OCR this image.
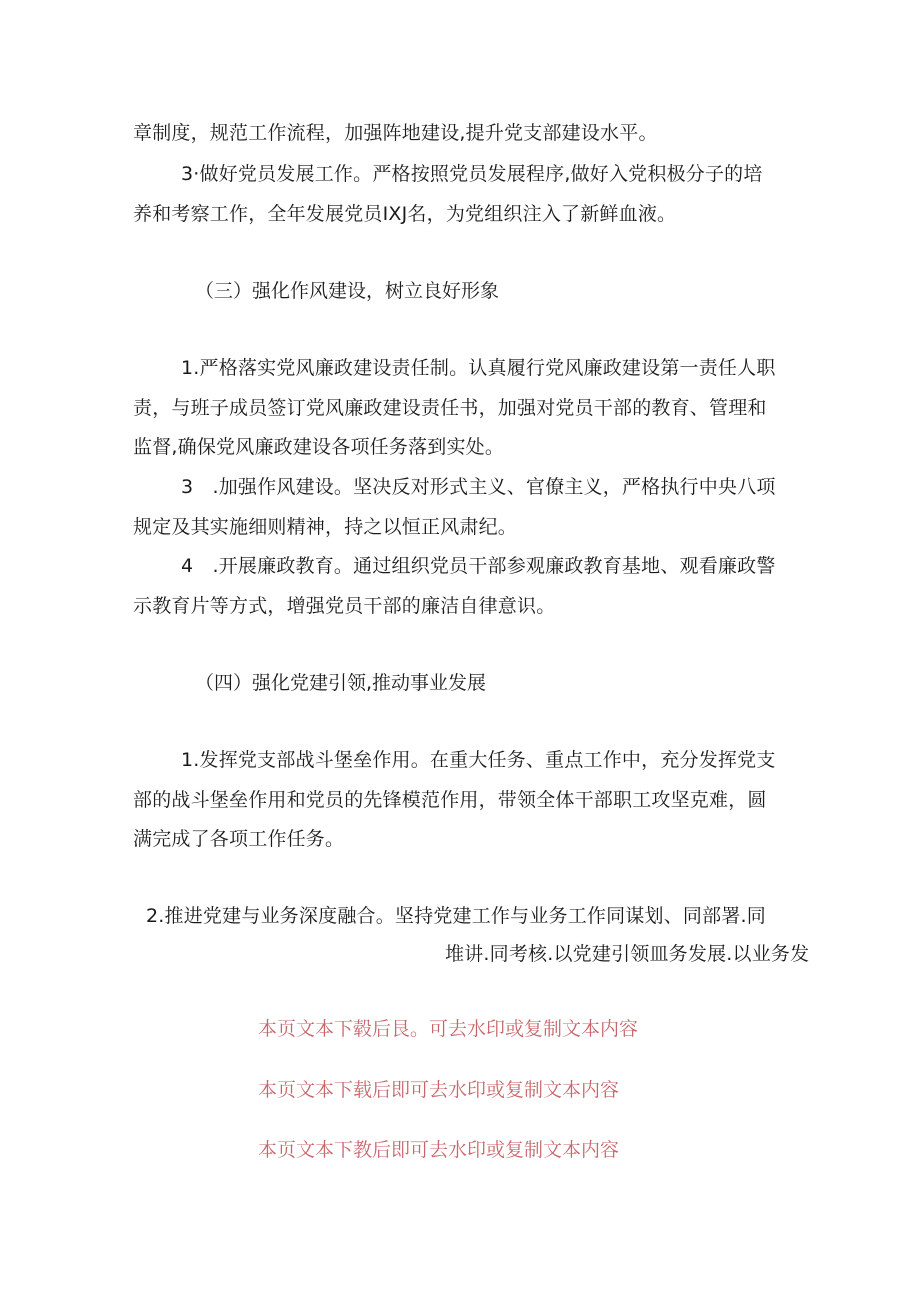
章制度，规范工作流程，加强阵地建设,提升党支部建设水平。
3·做好党员发展工作。严格按照党员发展程序,做好入党积极分子的培
养和考察工作，全年发展党员IXJ名，为党组织注入了新鲜血液。
（三）强化作风建设，树立良好形象
1.严格落实党风廉政建设责任制。认真履行党风廉政建设第一责任人职
责，与班子成员签订党风廉政建设责任书，加强对党员干部的教育、管理和
监督,确保党风廉政建设各项任务落到实处。
3　.加强作风建设。坚决反对形式主义、官僚主义，严格执行中央八项
规定及其实施细则精神，持之以恒正风肃纪。
4　.开展廉政教育。通过组织党员干部参观廉政教育基地、观看廉政警
示教育片等方式，增强党员干部的廉洁自律意识。
（四）强化党建引领,推动事业发展
1.发挥党支部战斗堡垒作用。在重大任务、重点工作中，充分发挥党支
部的战斗堡垒作用和党员的先锋模范作用，带领全体干部职工攻坚克难，圆
满完成了各项工作任务。
2.推进党建与业务深度融合。坚持党建工作与业务工作同谋划、同部署.同
堆讲.同考核.以党建引领皿务发展.以业务发
本页文本下毂后艮。可去水印或复制文本内容
本页文本下载后即可去水印或复制文本内容
本页文本下教后即可去水印或复制文本内容
